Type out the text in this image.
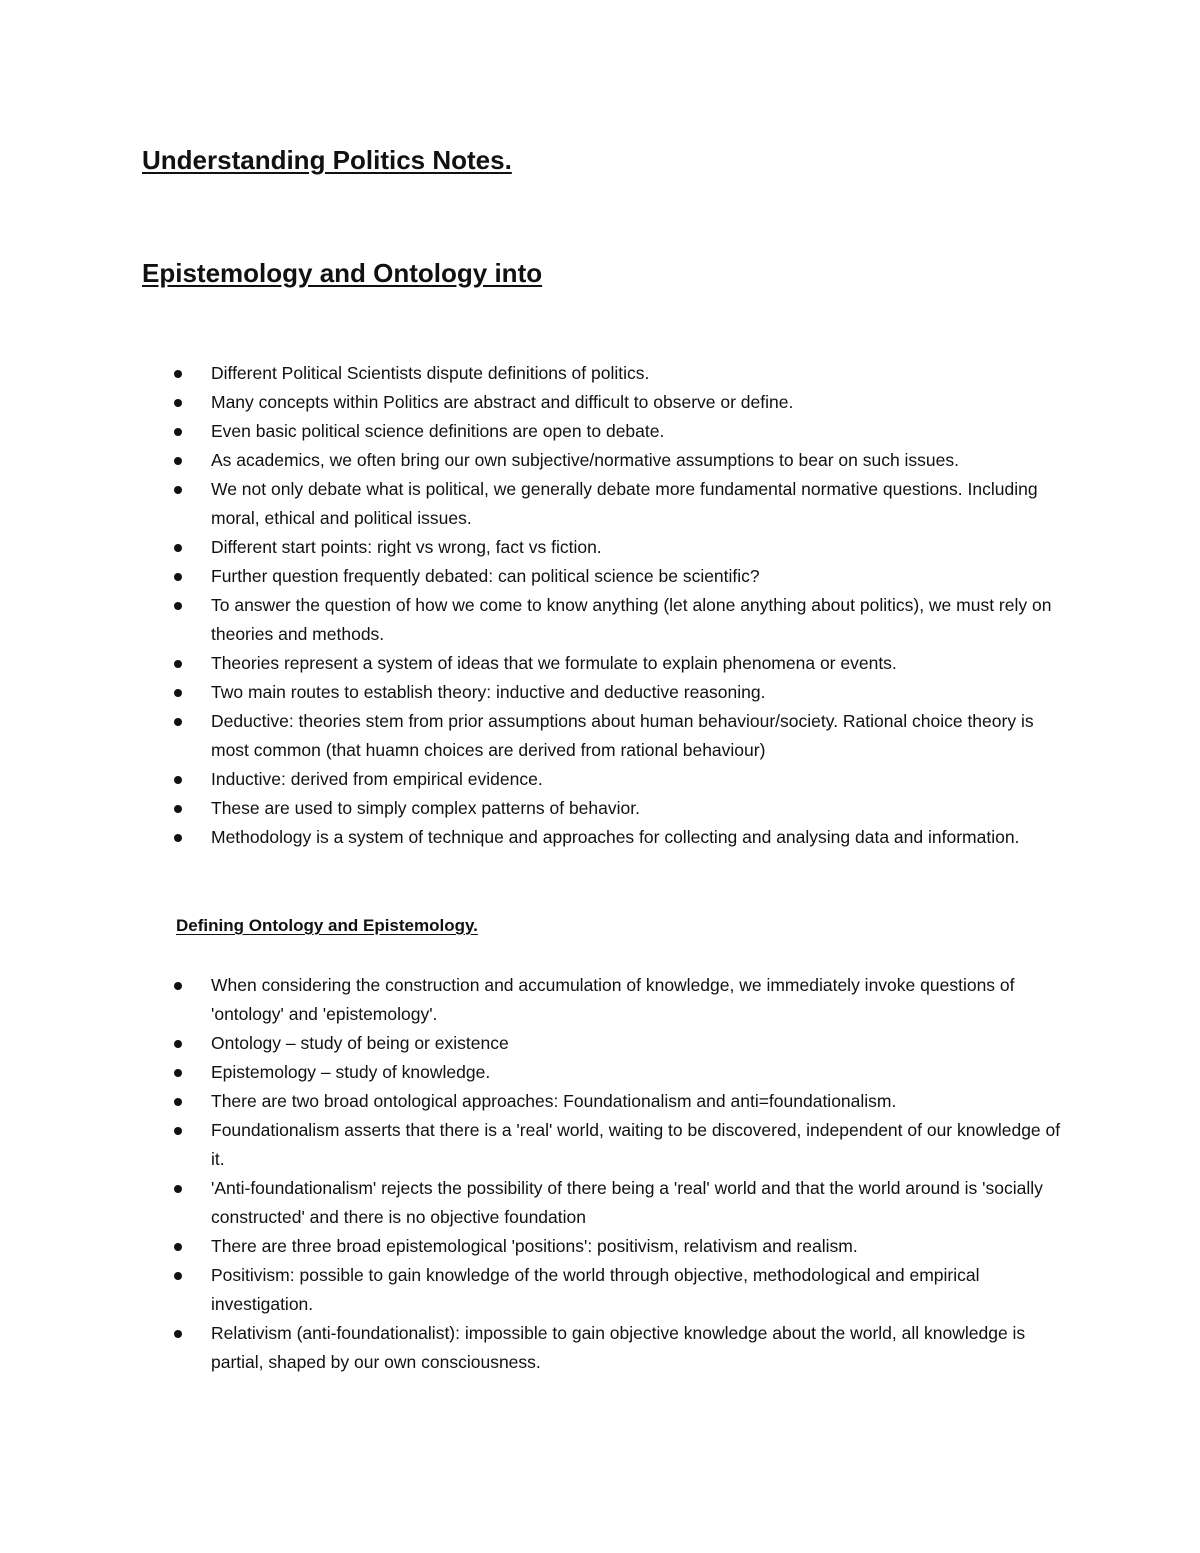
Understanding Politics Notes.
Epistemology and Ontology into
Different Political Scientists dispute definitions of politics.
Many concepts within Politics are abstract and difficult to observe or define.
Even basic political science definitions are open to debate.
As academics, we often bring our own subjective/normative assumptions to bear on such issues.
We not only debate what is political, we generally debate more fundamental normative questions. Including moral, ethical and political issues.
Different start points: right vs wrong, fact vs fiction.
Further question frequently debated: can political science be scientific?
To answer the question of how we come to know anything (let alone anything about politics), we must rely on theories and methods.
Theories represent a system of ideas that we formulate to explain phenomena or events.
Two main routes to establish theory: inductive and deductive reasoning.
Deductive: theories stem from prior assumptions about human behaviour/society. Rational choice theory is most common (that huamn choices are derived from rational behaviour)
Inductive: derived from empirical evidence.
These are used to simply complex patterns of behavior.
Methodology is a system of technique and approaches for collecting and analysing data and information.
Defining Ontology and Epistemology.
When considering the construction and accumulation of knowledge, we immediately invoke questions of 'ontology' and 'epistemology'.
Ontology – study of being or existence
Epistemology – study of knowledge.
There are two broad ontological approaches: Foundationalism and anti=foundationalism.
Foundationalism asserts that there is a 'real' world, waiting to be discovered, independent of our knowledge of it.
'Anti-foundationalism' rejects the possibility of there being a 'real' world and that the world around is 'socially constructed' and there is no objective foundation
There are three broad epistemological 'positions': positivism, relativism and realism.
Positivism: possible to gain knowledge of the world through objective, methodological and empirical investigation.
Relativism (anti-foundationalist): impossible to gain objective knowledge about the world, all knowledge is partial, shaped by our own consciousness.
